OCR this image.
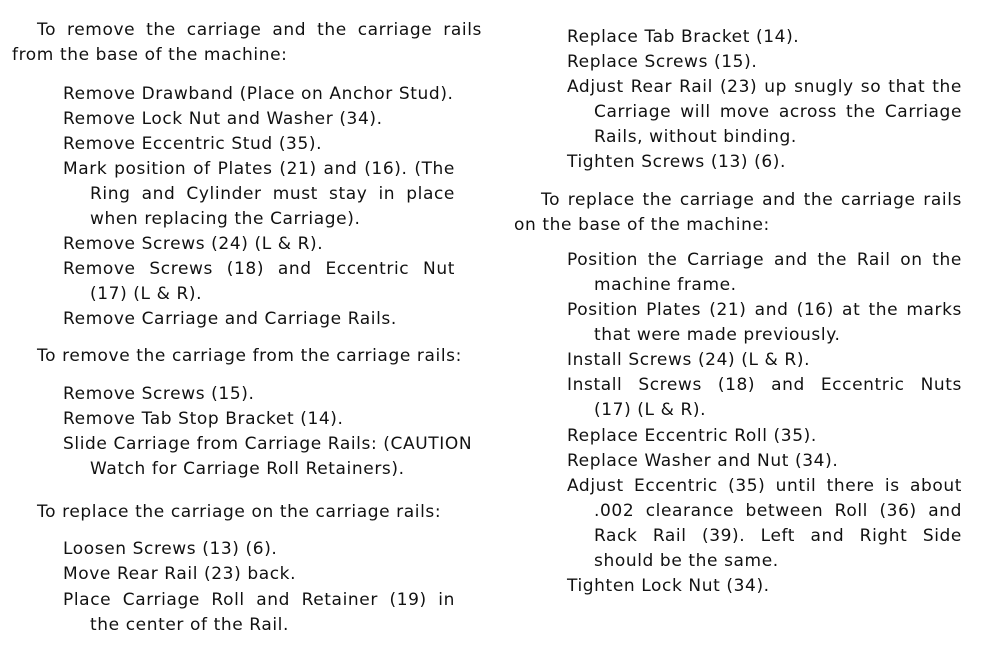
To remove the carriage and the carriage rails
from the base of the machine:
Remove Drawband (Place on Anchor Stud).
Remove Lock Nut and Washer (34).
Remove Eccentric Stud (35).
Mark position of Plates (21) and (16). (The
Ring and Cylinder must stay in place
when replacing the Carriage).
Remove Screws (24) (L & R).
Remove Screws (18) and Eccentric Nut
(17) (L & R).
Remove Carriage and Carriage Rails.
To remove the carriage from the carriage rails:
Remove Screws (15).
Remove Tab Stop Bracket (14).
Slide Carriage from Carriage Rails: (CAUTION
Watch for Carriage Roll Retainers).
To replace the carriage on the carriage rails:
Loosen Screws (13) (6).
Move Rear Rail (23) back.
Place Carriage Roll and Retainer (19) in
the center of the Rail.
Replace Tab Bracket (14).
Replace Screws (15).
Adjust Rear Rail (23) up snugly so that the
Carriage will move across the Carriage
Rails, without binding.
Tighten Screws (13) (6).
To replace the carriage and the carriage rails
on the base of the machine:
Position the Carriage and the Rail on the
machine frame.
Position Plates (21) and (16) at the marks
that were made previously.
Install Screws (24) (L & R).
Install Screws (18) and Eccentric Nuts
(17) (L & R).
Replace Eccentric Roll (35).
Replace Washer and Nut (34).
Adjust Eccentric (35) until there is about
.002 clearance between Roll (36) and
Rack Rail (39). Left and Right Side
should be the same.
Tighten Lock Nut (34).
